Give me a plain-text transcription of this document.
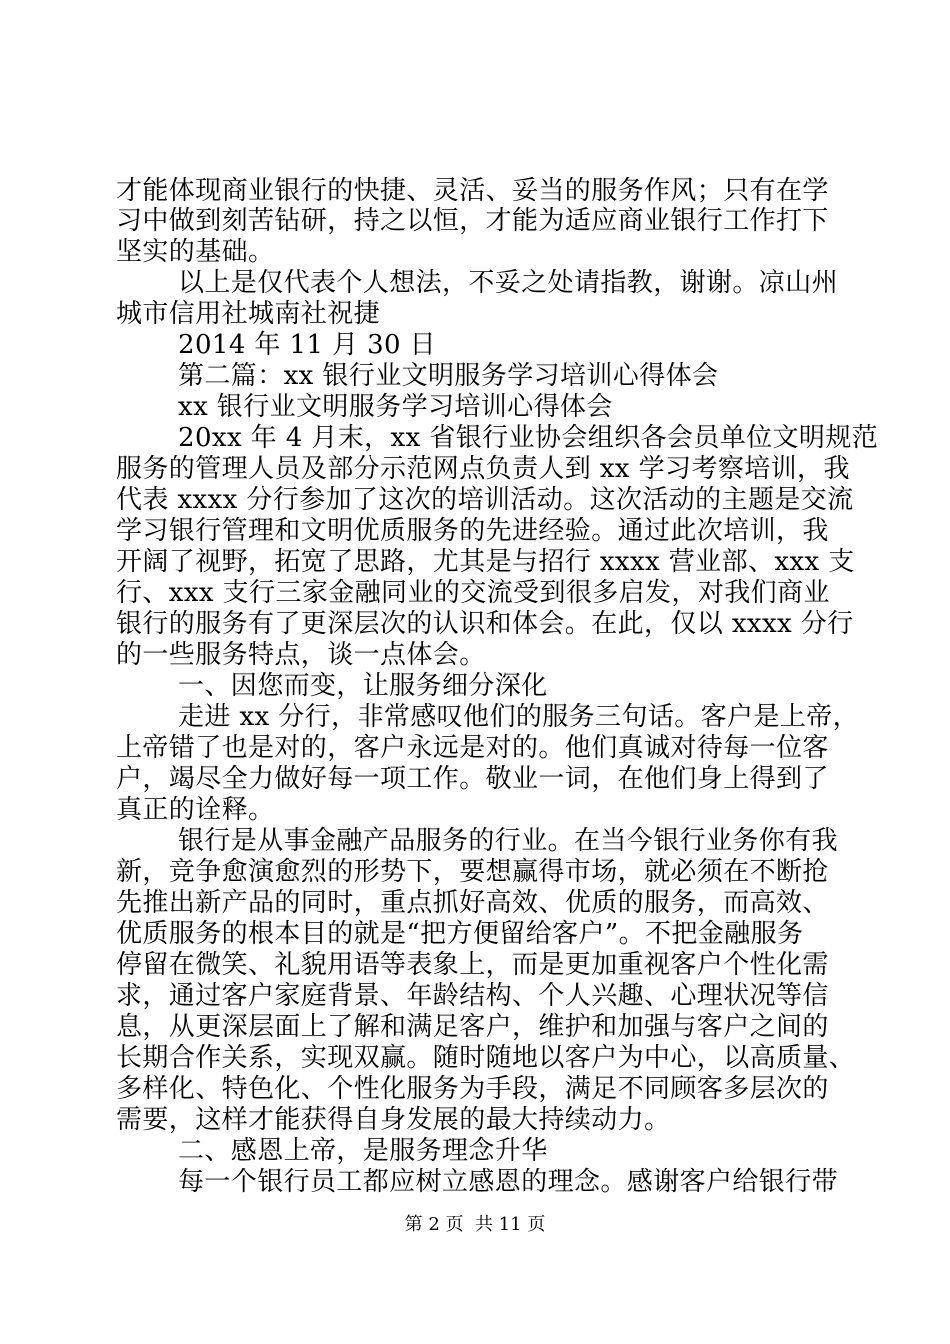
才能体现商业银行的快捷、灵活、妥当的服务作风；只有在学
习中做到刻苦钻研，持之以恒，才能为适应商业银行工作打下
坚实的基础。
以上是仅代表个人想法，不妥之处请指教，谢谢。凉山州
城市信用社城南社祝捷
2014 年 11 月 30 日
第二篇：xx 银行业文明服务学习培训心得体会
xx 银行业文明服务学习培训心得体会
20xx 年 4 月末，xx 省银行业协会组织各会员单位文明规范
服务的管理人员及部分示范网点负责人到 xx 学习考察培训，我
代表 xxxx 分行参加了这次的培训活动。这次活动的主题是交流
学习银行管理和文明优质服务的先进经验。通过此次培训，我
开阔了视野，拓宽了思路，尤其是与招行 xxxx 营业部、xxx 支
行、xxx 支行三家金融同业的交流受到很多启发，对我们商业
银行的服务有了更深层次的认识和体会。在此，仅以 xxxx 分行
的一些服务特点，谈一点体会。
一、因您而变，让服务细分深化
走进 xx 分行，非常感叹他们的服务三句话。客户是上帝，
上帝错了也是对的，客户永远是对的。他们真诚对待每一位客
户，竭尽全力做好每一项工作。敬业一词，在他们身上得到了
真正的诠释。
银行是从事金融产品服务的行业。在当今银行业务你有我
新，竞争愈演愈烈的形势下，要想赢得市场，就必须在不断抢
先推出新产品的同时，重点抓好高效、优质的服务，而高效、
优质服务的根本目的就是“把方便留给客户”。不把金融服务
停留在微笑、礼貌用语等表象上，而是更加重视客户个性化需
求，通过客户家庭背景、年龄结构、个人兴趣、心理状况等信
息，从更深层面上了解和满足客户，维护和加强与客户之间的
长期合作关系，实现双赢。随时随地以客户为中心，以高质量、
多样化、特色化、个性化服务为手段，满足不同顾客多层次的
需要，这样才能获得自身发展的最大持续动力。
二、感恩上帝，是服务理念升华
每一个银行员工都应树立感恩的理念。感谢客户给银行带
第 2 页  共 11 页
